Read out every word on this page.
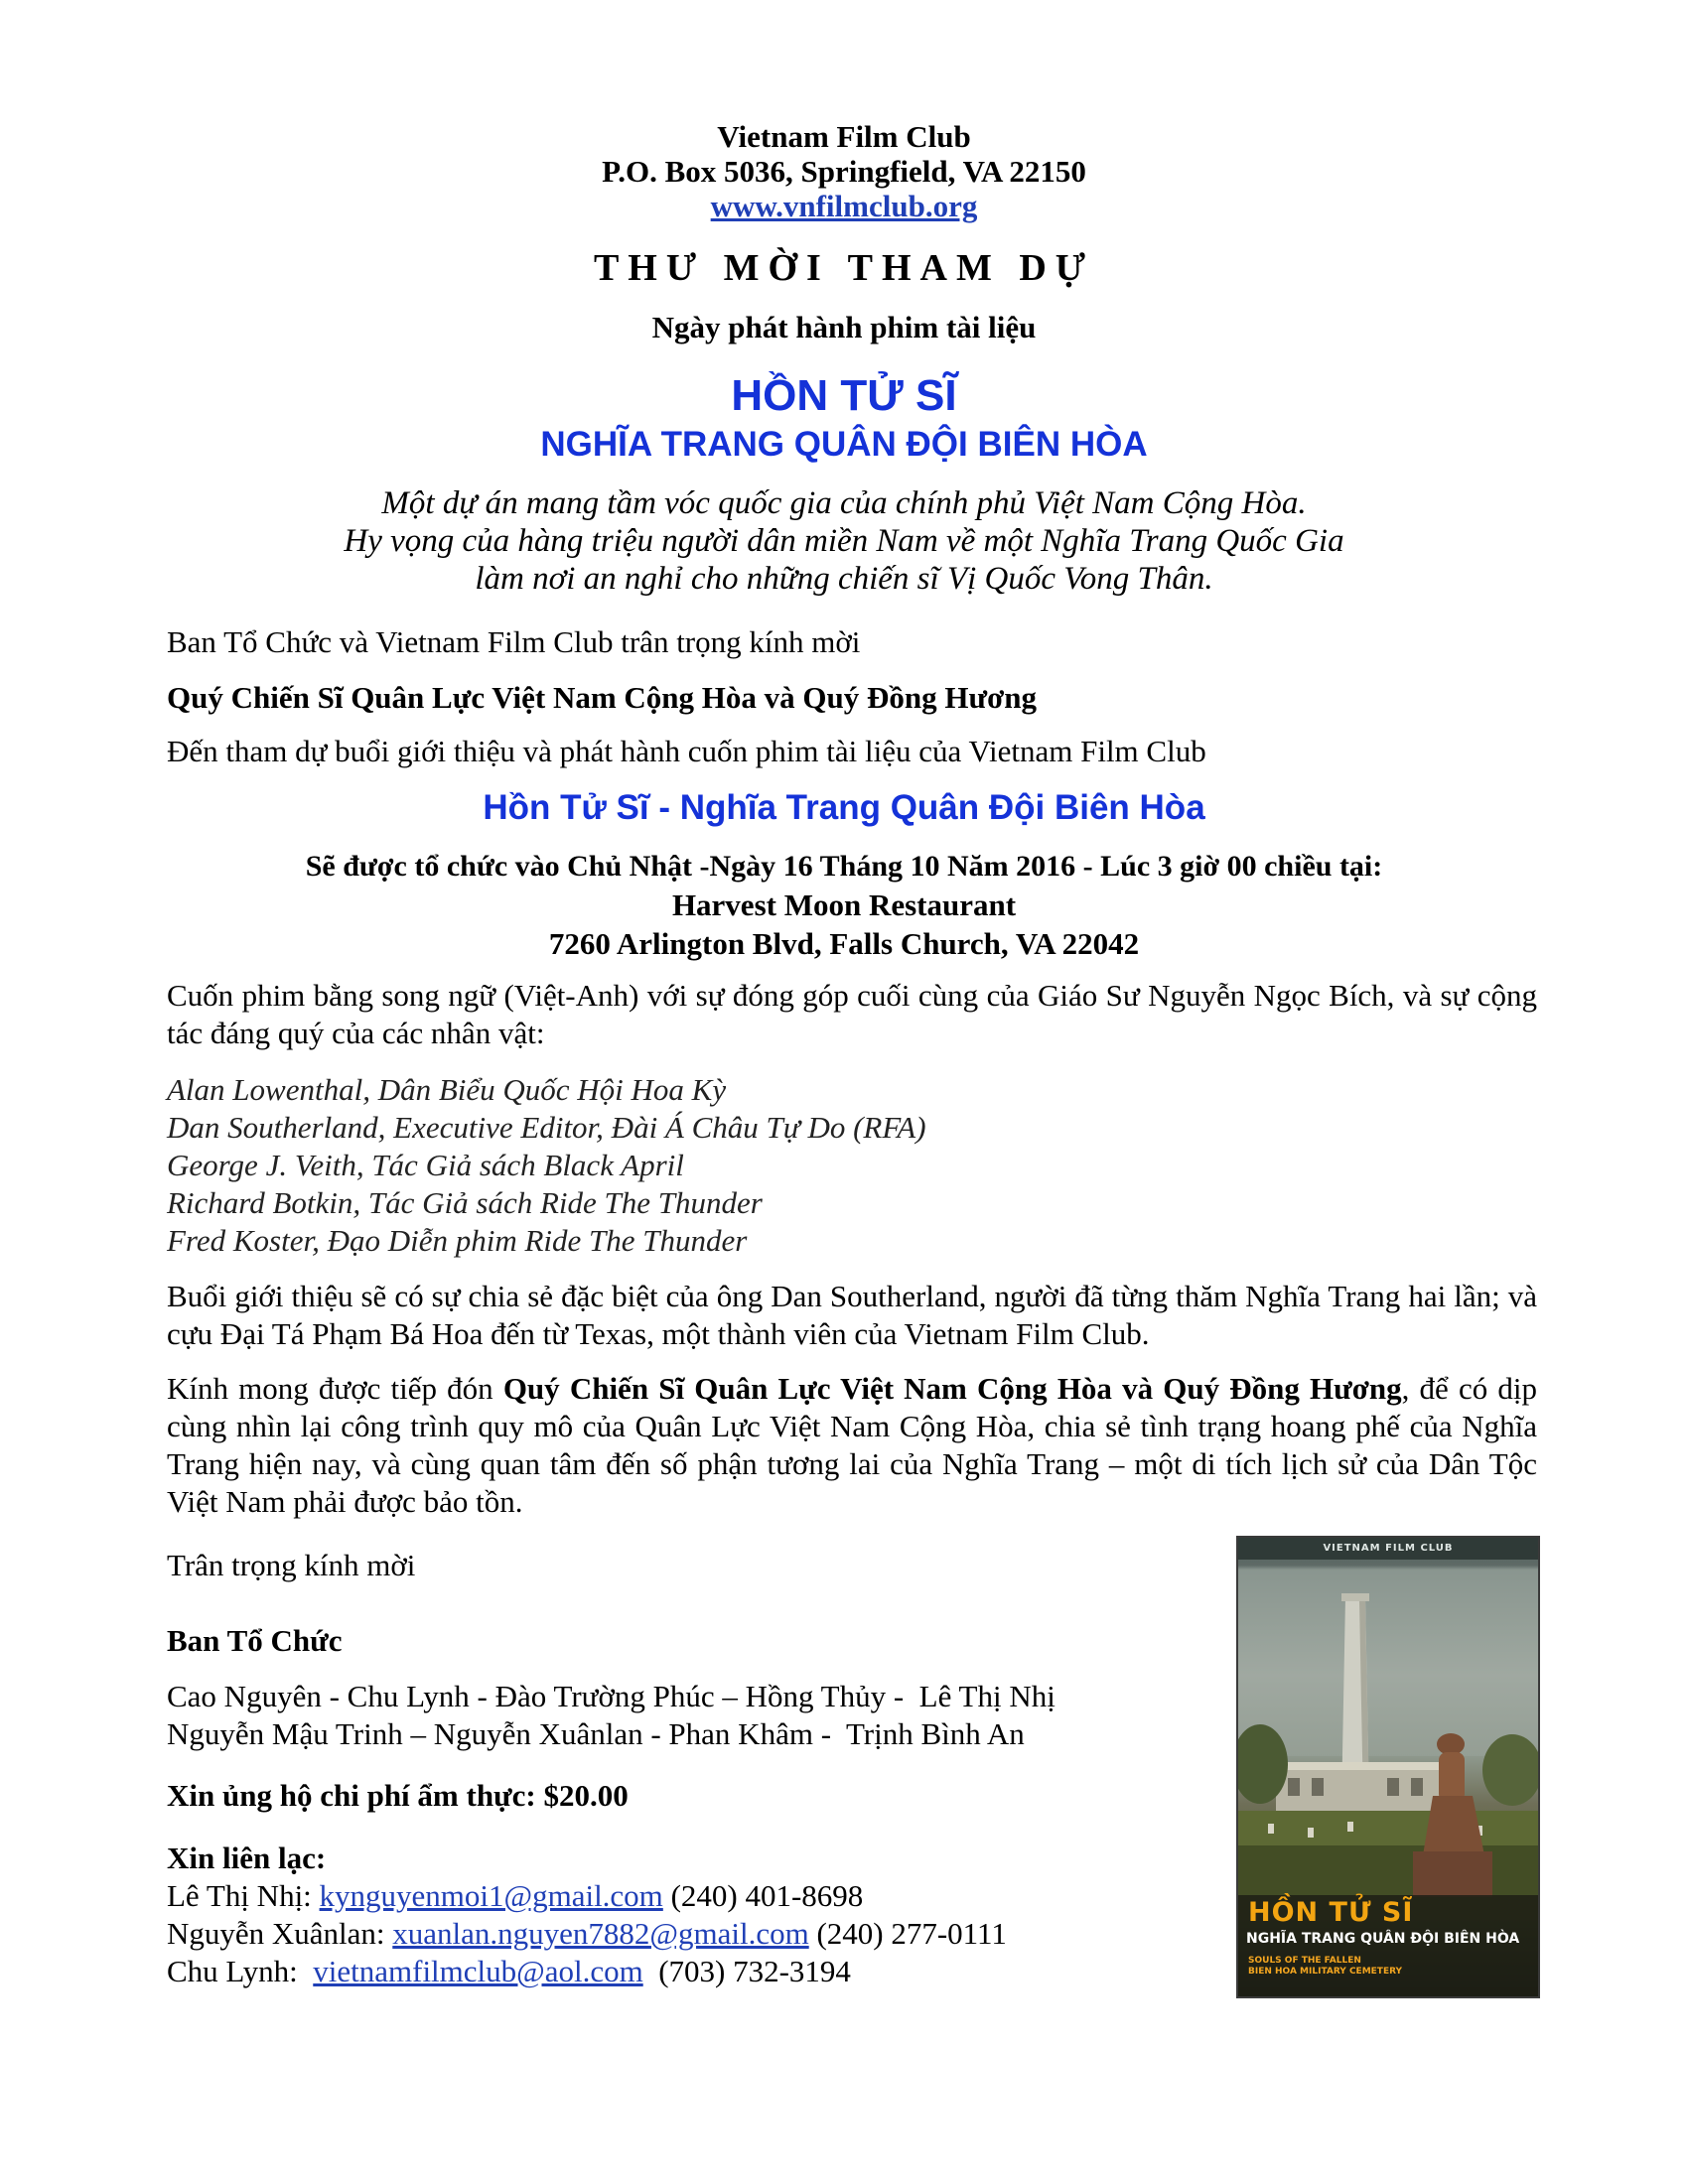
Vietnam Film Club
P.O. Box 5036, Springfield, VA 22150
www.vnfilmclub.org
THƯ MỜI THAM DỰ
Ngày phát hành phim tài liệu
HỒN TỬ SĨ
NGHĨA TRANG QUÂN ĐỘI BIÊN HÒA
Một dự án mang tầm vóc quốc gia của chính phủ Việt Nam Cộng Hòa.
Hy vọng của hàng triệu người dân miền Nam về một Nghĩa Trang Quốc Gia
làm nơi an nghỉ cho những chiến sĩ Vị Quốc Vong Thân.
Ban Tổ Chức và Vietnam Film Club trân trọng kính mời
Quý Chiến Sĩ Quân Lực Việt Nam Cộng Hòa và Quý Đồng Hương
Đến tham dự buổi giới thiệu và phát hành cuốn phim tài liệu của Vietnam Film Club
Hồn Tử Sĩ - Nghĩa Trang Quân Đội Biên Hòa
Sẽ được tổ chức vào Chủ Nhật -Ngày 16 Tháng 10 Năm 2016 - Lúc 3 giờ 00 chiều tại:
Harvest Moon Restaurant
7260 Arlington Blvd, Falls Church, VA 22042

Cuốn phim bằng song ngữ (Việt-Anh) với sự đóng góp cuối cùng của Giáo Sư Nguyễn Ngọc Bích, và sự cộng tác đáng quý của các nhân vật:

Alan Lowenthal, Dân Biểu Quốc Hội Hoa Kỳ
Dan Southerland, Executive Editor, Đài Á Châu Tự Do (RFA)
George J. Veith, Tác Giả sách Black April
Richard Botkin, Tác Giả sách Ride The Thunder
Fred Koster, Đạo Diễn phim Ride The Thunder

Buổi giới thiệu sẽ có sự chia sẻ đặc biệt của ông Dan Southerland, người đã từng thăm Nghĩa Trang hai lần; và cựu Đại Tá Phạm Bá Hoa đến từ Texas, một thành viên của Vietnam Film Club.

Kính mong được tiếp đón Quý Chiến Sĩ Quân Lực Việt Nam Cộng Hòa và Quý Đồng Hương, để có dịp cùng nhìn lại công trình quy mô của Quân Lực Việt Nam Cộng Hòa, chia sẻ tình trạng hoang phế của Nghĩa Trang hiện nay, và cùng quan tâm đến số phận tương lai của Nghĩa Trang – một di tích lịch sử của Dân Tộc Việt Nam phải được bảo tồn.

Trân trọng kính mời
Ban Tổ Chức
Cao Nguyên - Chu Lynh - Đào Trường Phúc – Hồng Thủy -  Lê Thị Nhị
Nguyễn Mậu Trinh – Nguyễn Xuânlan - Phan Khâm -  Trịnh Bình An
Xin ủng hộ chi phí ẩm thực: $20.00
Xin liên lạc:
Lê Thị Nhị: kynguyenmoi1@gmail.com (240) 401-8698
Nguyễn Xuânlan: xuanlan.nguyen7882@gmail.com (240) 277-0111
Chu Lynh:  vietnamfilmclub@aol.com  (703) 732-3194
VIETNAM FILM CLUB
HỒN TỬ SĨ
NGHĨA TRANG QUÂN ĐỘI BIÊN HÒA
SOULS OF THE FALLEN
BIEN HOA MILITARY CEMETERY
